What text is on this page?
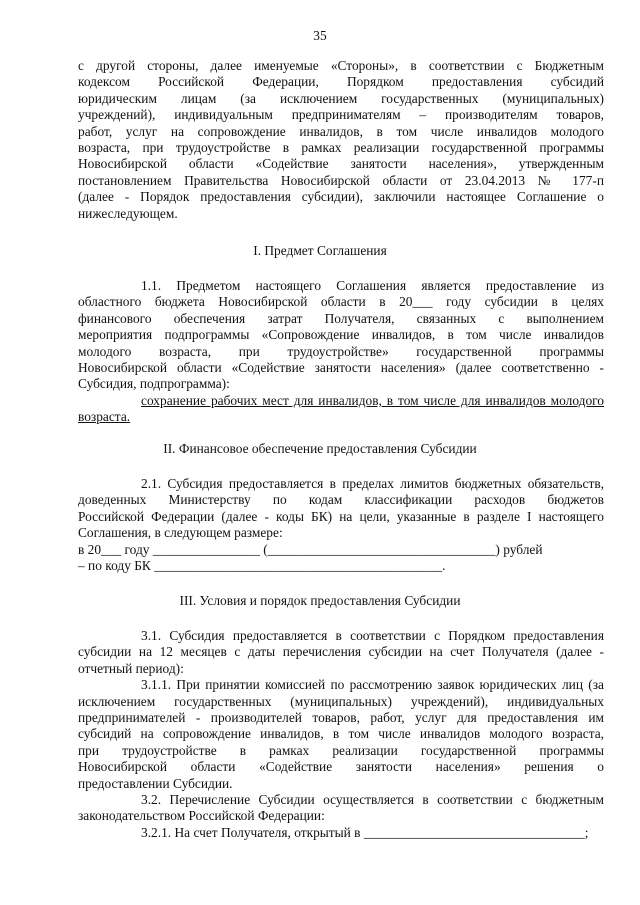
35
с другой стороны, далее именуемые «Стороны», в соответствии с Бюджетным
кодексом Российской Федерации, Порядком предоставления субсидий
юридическим лицам (за исключением государственных (муниципальных)
учреждений), индивидуальным предпринимателям – производителям товаров,
работ, услуг на сопровождение инвалидов, в том числе инвалидов молодого
возраста, при трудоустройстве в рамках реализации государственной программы
Новосибирской области «Содействие занятости населения», утвержденным
постановлением Правительства Новосибирской области от 23.04.2013 № 177-п
(далее - Порядок предоставления субсидии), заключили настоящее Соглашение о
нижеследующем.
I. Предмет Соглашения
1.1. Предметом настоящего Соглашения является предоставление из
областного бюджета Новосибирской области в 20___ году субсидии в целях
финансового обеспечения затрат Получателя, связанных с выполнением
мероприятия подпрограммы «Сопровождение инвалидов, в том числе инвалидов
молодого возраста, при трудоустройстве» государственной программы
Новосибирской области «Содействие занятости населения» (далее соответственно -
Субсидия, подпрограмма):
сохранение рабочих мест для инвалидов, в том числе для инвалидов молодого
возраста.
II. Финансовое обеспечение предоставления Субсидии
2.1. Субсидия предоставляется в пределах лимитов бюджетных обязательств,
доведенных Министерству по кодам классификации расходов бюджетов
Российской Федерации (далее - коды БК) на цели, указанные в разделе I настоящего
Соглашения, в следующем размере:
в 20___ году ________________ (__________________________________) рублей
– по коду БК ___________________________________________.
III. Условия и порядок предоставления Субсидии
3.1. Субсидия предоставляется в соответствии с Порядком предоставления
субсидии на 12 месяцев с даты перечисления субсидии на счет Получателя (далее -
отчетный период):
3.1.1. При принятии комиссией по рассмотрению заявок юридических лиц (за
исключением государственных (муниципальных) учреждений), индивидуальных
предпринимателей - производителей товаров, работ, услуг для предоставления им
субсидий на сопровождение инвалидов, в том числе инвалидов молодого возраста,
при трудоустройстве в рамках реализации государственной программы
Новосибирской области «Содействие занятости населения» решения о
предоставлении Субсидии.
3.2. Перечисление Субсидии осуществляется в соответствии с бюджетным
законодательством Российской Федерации:
3.2.1. На счет Получателя, открытый в _________________________________;
